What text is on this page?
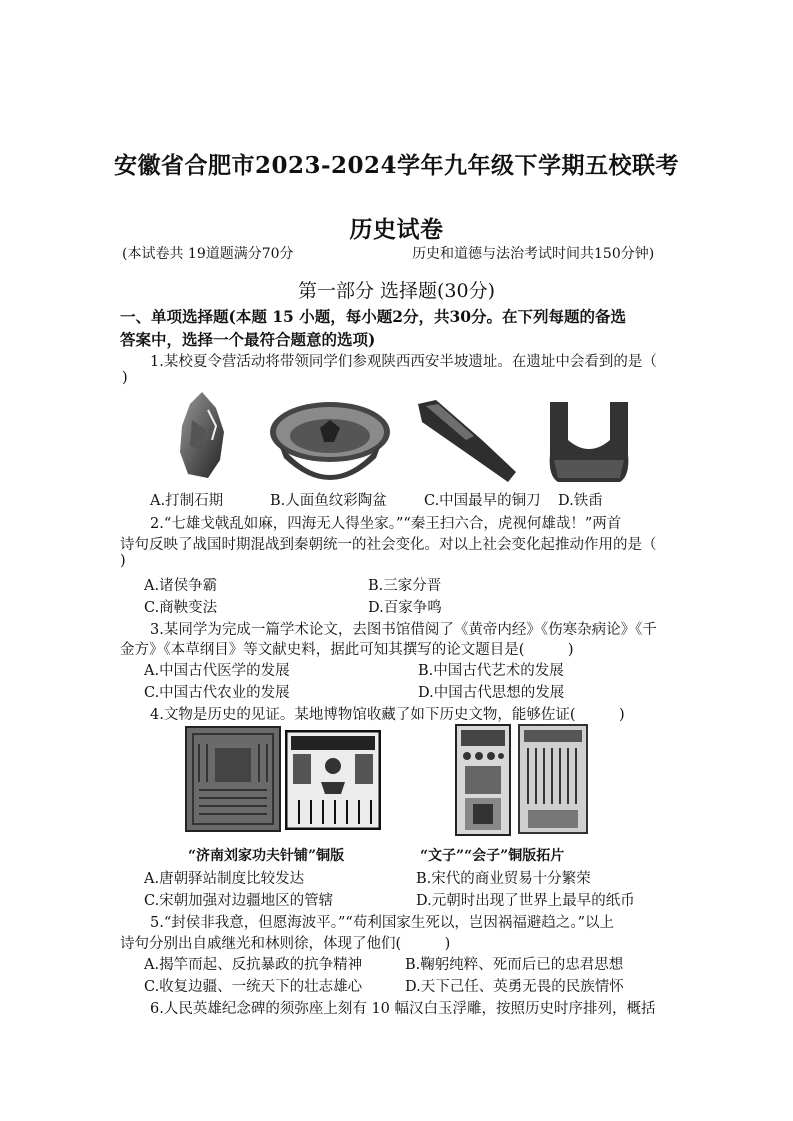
安徽省合肥市2023-2024学年九年级下学期五校联考
历史试卷
(本试卷共 19道题满分70分	历史和道德与法治考试时间共150分钟)
第一部分 选择题(30分)
一、单项选择题(本题 15 小题，每小题2分，共30分。在下列每题的备选
答案中，选择一个最符合题意的选项)
1.某校夏令营活动将带领同学们参观陕西西安半坡遗址。在遗址中会看到的是（
)
A.打制石期	B.人面鱼纹彩陶盆	C.中国最早的铜刀 D.铁臿
2.“七雄戈戟乱如麻，四海无人得坐家。”“秦王扫六合，虎视何雄哉！”两首
诗句反映了战国时期混战到秦朝统一的社会变化。对以上社会变化起推动作用的是（
)
A.诸侯争霸	B.三家分晋
C.商鞅变法	D.百家争鸣
3.某同学为完成一篇学术论文，去图书馆借阅了《黄帝内经》《伤寒杂病论》《千
金方》《本草纲目》等文献史料，据此可知其撰写的论文题目是(　　　)
A.中国古代医学的发展	B.中国古代艺术的发展
C.中国古代农业的发展	D.中国古代思想的发展
4.文物是历史的见证。某地博物馆收藏了如下历史文物，能够佐证(　　　)
“济南刘家功夫针铺”铜版	“文子”“会子”铜版拓片
A.唐朝驿站制度比较发达	B.宋代的商业贸易十分繁荣
C.宋朝加强对边疆地区的管辖	D.元朝时出现了世界上最早的纸币
5.“封侯非我意，但愿海波平。”“苟利国家生死以，岂因祸福避趋之。”以上
诗句分别出自戚继光和林则徐，体现了他们(　　　)
A.揭竿而起、反抗暴政的抗争精神	B.鞠躬纯粹、死而后已的忠君思想
C.收复边疆、一统天下的壮志雄心	D.天下己任、英勇无畏的民族情怀
6.人民英雄纪念碑的须弥座上刻有 10 幅汉白玉浮雕，按照历史时序排列，概括
